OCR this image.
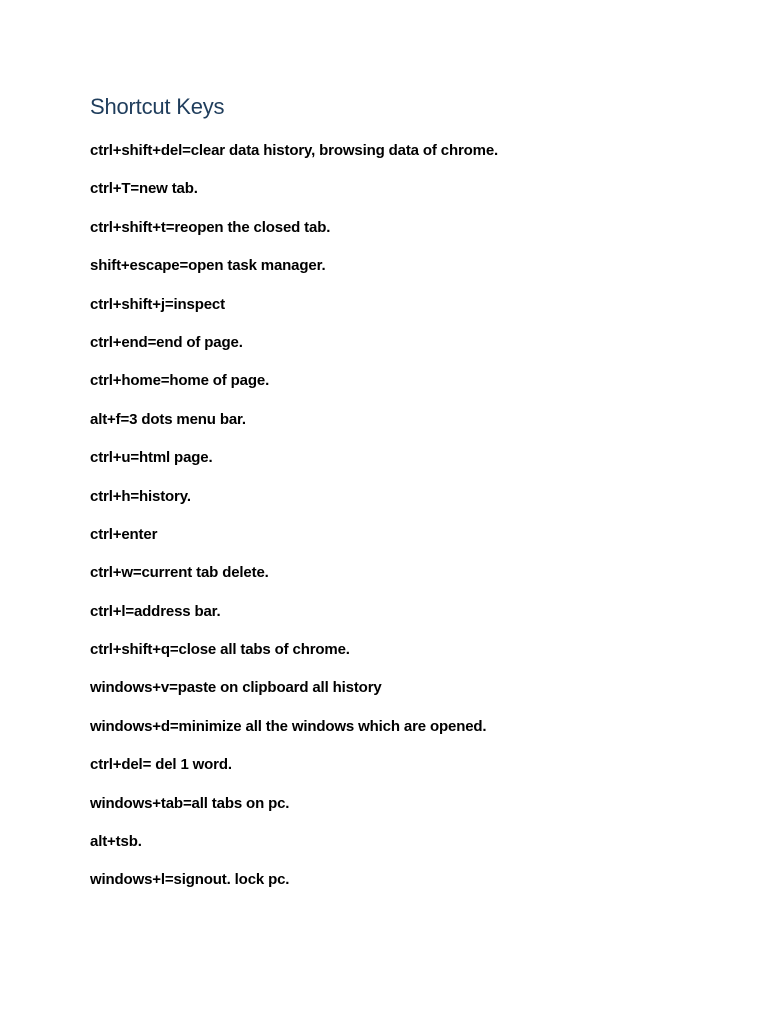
Shortcut Keys
ctrl+shift+del=clear data history, browsing data of chrome.
ctrl+T=new tab.
ctrl+shift+t=reopen the closed tab.
shift+escape=open task manager.
ctrl+shift+j=inspect
ctrl+end=end of page.
ctrl+home=home of page.
alt+f=3 dots menu bar.
ctrl+u=html page.
ctrl+h=history.
ctrl+enter
ctrl+w=current tab delete.
ctrl+l=address bar.
ctrl+shift+q=close all tabs of chrome.
windows+v=paste on clipboard all history
windows+d=minimize all the windows which are opened.
ctrl+del= del 1 word.
windows+tab=all tabs on pc.
alt+tsb.
windows+l=signout. lock pc.
